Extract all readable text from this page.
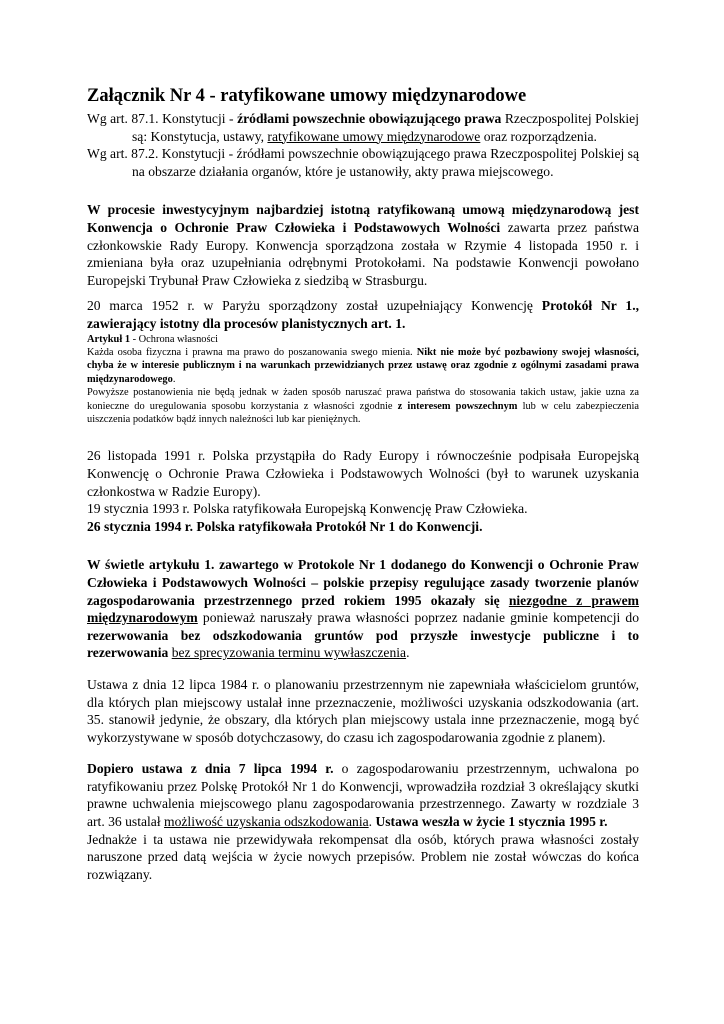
Załącznik Nr 4 - ratyfikowane umowy międzynarodowe

Wg art. 87.1. Konstytucji - źródłami powszechnie obowiązującego prawa Rzeczpospolitej Polskiej są: Konstytucja, ustawy, ratyfikowane umowy międzynarodowe oraz rozporządzenia.

Wg art. 87.2. Konstytucji - źródłami powszechnie obowiązującego prawa Rzeczpospolitej Polskiej są na obszarze działania organów, które je ustanowiły, akty prawa miejscowego.

W procesie inwestycyjnym najbardziej istotną ratyfikowaną umową międzynarodową jest Konwencja o Ochronie Praw Człowieka i Podstawowych Wolności zawarta przez państwa członkowskie Rady Europy. Konwencja sporządzona została w Rzymie 4 listopada 1950 r. i zmieniana była oraz uzupełniania odrębnymi Protokołami. Na podstawie Konwencji powołano Europejski Trybunał Praw Człowieka z siedzibą w Strasburgu.

20 marca 1952 r. w Paryżu sporządzony został uzupełniający Konwencję Protokół Nr 1., zawierający istotny dla procesów planistycznych art. 1.

Artykuł 1 - Ochrona własności

Każda osoba fizyczna i prawna ma prawo do poszanowania swego mienia. Nikt nie może być pozbawiony swojej własności, chyba że w interesie publicznym i na warunkach przewidzianych przez ustawę oraz zgodnie z ogólnymi zasadami prawa międzynarodowego.

Powyższe postanowienia nie będą jednak w żaden sposób naruszać prawa państwa do stosowania takich ustaw, jakie uzna za konieczne do uregulowania sposobu korzystania z własności zgodnie z interesem powszechnym lub w celu zabezpieczenia uiszczenia podatków bądź innych należności lub kar pieniężnych.

26 listopada 1991 r. Polska przystąpiła do Rady Europy i równocześnie podpisała Europejską Konwencję o Ochronie Prawa Człowieka i Podstawowych Wolności (był to warunek uzyskania członkostwa w Radzie Europy).

19 stycznia 1993 r. Polska ratyfikowała Europejską Konwencję Praw Człowieka.

26 stycznia 1994 r. Polska ratyfikowała Protokół Nr 1 do Konwencji.

W świetle artykułu 1. zawartego w Protokole Nr 1 dodanego do Konwencji o Ochronie Praw Człowieka i Podstawowych Wolności – polskie przepisy regulujące zasady tworzenie planów zagospodarowania przestrzennego przed rokiem 1995 okazały się niezgodne z prawem międzynarodowym ponieważ naruszały prawa własności poprzez nadanie gminie kompetencji do rezerwowania bez odszkodowania gruntów pod przyszłe inwestycje publiczne i to rezerwowania bez sprecyzowania terminu wywłaszczenia.

Ustawa z dnia 12 lipca 1984 r. o planowaniu przestrzennym nie zapewniała właścicielom gruntów, dla których plan miejscowy ustalał inne przeznaczenie, możliwości uzyskania odszkodowania (art. 35. stanowił jedynie, że obszary, dla których plan miejscowy ustala inne przeznaczenie, mogą być wykorzystywane w sposób dotychczasowy, do czasu ich zagospodarowania zgodnie z planem).

Dopiero ustawa z dnia 7 lipca 1994 r. o zagospodarowaniu przestrzennym, uchwalona po ratyfikowaniu przez Polskę Protokół Nr 1 do Konwencji, wprowadziła rozdział 3 określający skutki prawne uchwalenia miejscowego planu zagospodarowania przestrzennego. Zawarty w rozdziale 3 art. 36 ustalał możliwość uzyskania odszkodowania. Ustawa weszła w życie 1 stycznia 1995 r.

Jednakże i ta ustawa nie przewidywała rekompensat dla osób, których prawa własności zostały naruszone przed datą wejścia w życie nowych przepisów. Problem nie został wówczas do końca rozwiązany.
